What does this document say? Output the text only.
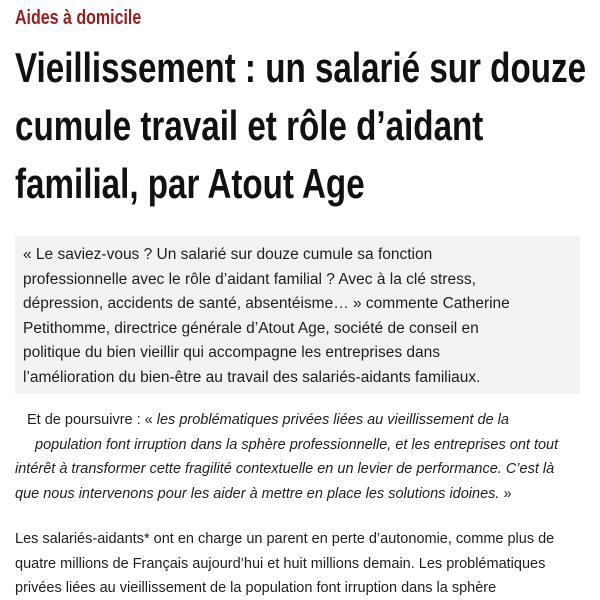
Aides à domicile
Vieillissement : un salarié sur douze
cumule travail et rôle d’aidant
familial, par Atout Age
« Le saviez-vous ? Un salarié sur douze cumule sa fonction
professionnelle avec le rôle d’aidant familial ? Avec à la clé stress,
dépression, accidents de santé, absentéisme… » commente Catherine
Petithomme, directrice générale d’Atout Age, société de conseil en
politique du bien vieillir qui accompagne les entreprises dans
l’amélioration du bien-être au travail des salariés-aidants familiaux.
Et de poursuivre : « les problématiques privées liées au vieillissement de la
population font irruption dans la sphère professionnelle, et les entreprises ont tout
intérêt à transformer cette fragilité contextuelle en un levier de performance. C’est là
que nous intervenons pour les aider à mettre en place les solutions idoines. »
Les salariés-aidants* ont en charge un parent en perte d’autonomie, comme plus de
quatre millions de Français aujourd’hui et huit millions demain. Les problématiques
privées liées au vieillissement de la population font irruption dans la sphère
